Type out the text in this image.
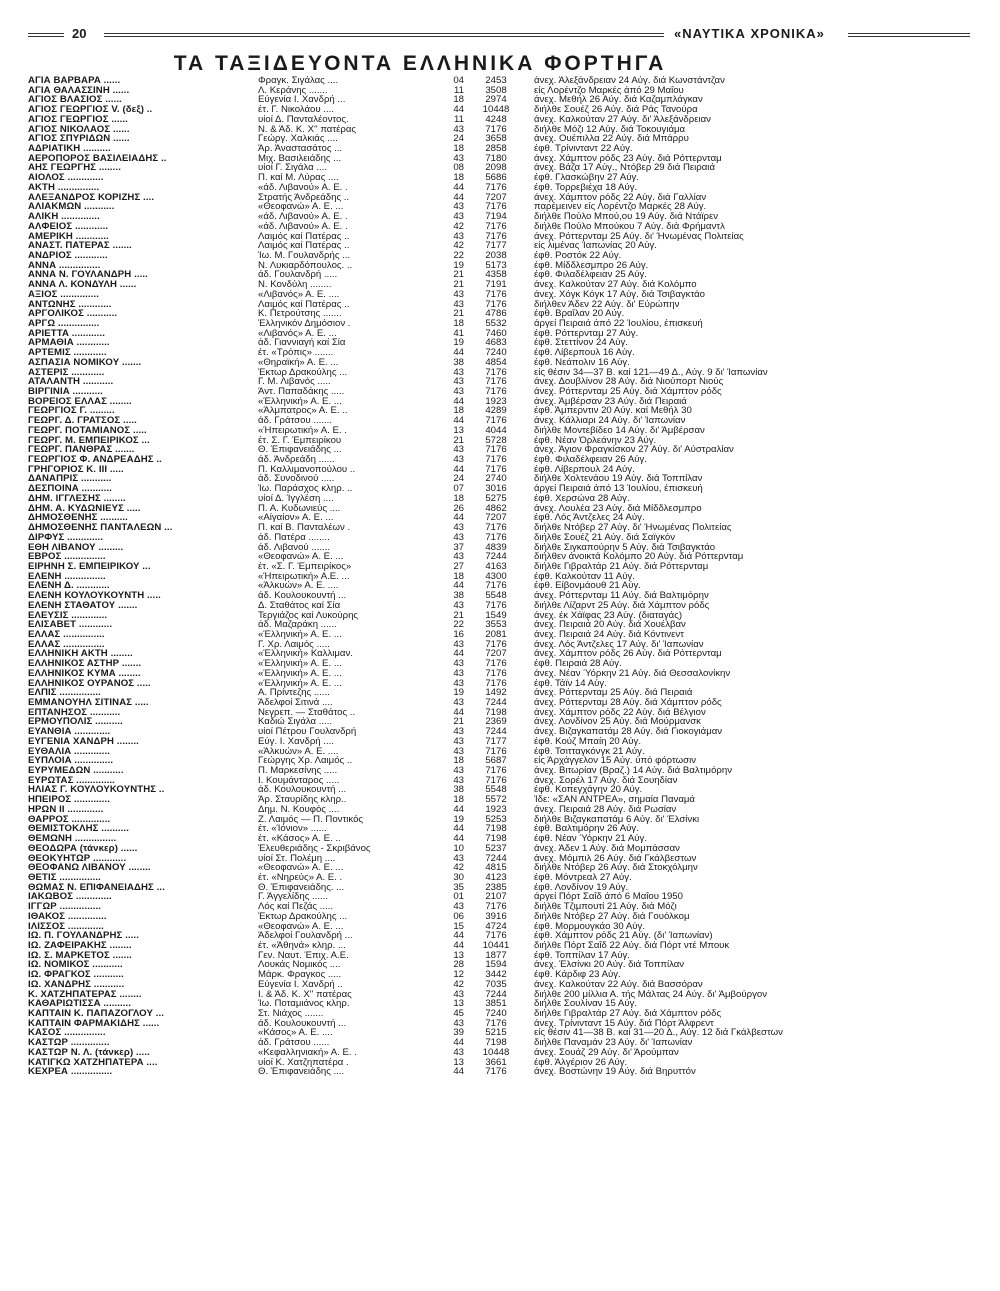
20	«ΝΑΥΤΙΚΑ ΧΡΟΝΙΚΑ»
ΤΑ ΤΑΞΙΔΕΥΟΝΤΑ ΕΛΛΗΝΙΚΑ ΦΟΡΤΗΓΑ
ΑΓΙΑ ΒΑΡΒΑΡΑ ......	Φραγκ. Σιγάλας ....	04	2453	άνεχ. Άλεξάνδρειαν 24 Αύγ. διά Κωνστάντζαν
ΑΓΙΑ ΘΑΛΑΣΣΙΝΗ ......	Λ. Κεράνης .......	11	3508	είς Λορέντζο Μαρκές άπό 29 Μαΐου
ΑΓΙΟΣ ΒΛΑΣΙΟΣ ......	Εύγενία Ι. Χανδρή ...	18	2974	άνεχ. Μεθήλ 26 Αύγ. διά Καζαμπλάγκαν
ΑΓΙΟΣ ΓΕΩΡΓΙΟΣ V. (δεξ) ..	έτ. Γ. Νικολάου ....	44	10448	διήλθε Σουέζ 26 Αύγ. διά Ράς Τανούρα
ΑΓΙΟΣ ΓΕΩΡΓΙΟΣ ......	υίοί Δ. Πανταλέοντος.	11	4248	άνεχ. Καλκούταν 27 Αύγ. δι' Άλεξάνδρειαν
ΑΓΙΟΣ ΝΙΚΟΛΑΟΣ ......	Ν. & Άδ. Κ. Χ'' πατέρας	43	7176	διήλθε Μόζι 12 Αύγ. διά Τοκουγιάμα
ΑΓΙΟΣ ΣΠΥΡΙΔΩΝ ......	Γεώργ. Χαλκιάς ....	24	3658	άνεχ. Ουέπιλλα 22 Αύγ. διά Μπάρρυ
ΑΔΡΙΑΤΙΚΗ ..........	Άρ. Άναστασάτος ...	18	2858	έφθ. Τρίνινταντ 22 Αύγ.
ΑΕΡΟΠΟΡΟΣ ΒΑΣΙΛΕΙΑΔΗΣ ..	Μιχ. Βασιλειάδης ...	43	7180	άνεχ. Χάμπτον ρόδς 23 Αύγ. διά Ρόττερνταμ
ΑΗΣ ΓΕΩΡΓΗΣ ........	υίοί Γ. Σιγάλα ....	08	2098	άνεχ. Βάζα 17 Αύγ., Ντόβερ 29 διά Πειραιά
ΑΙΟΛΟΣ .............	Π. καί Μ. Λύρας ....	18	5686	έφθ. Γλασκώβην 27 Αύγ.
ΑΚΤΗ ...............	«άδ. Λιβανού» Α. Ε. .	44	7176	έφθ. Τορρεβιέχα 18 Αύγ.
ΑΛΕΞΑΝΔΡΟΣ ΚΟΡΙΖΗΣ ....	Στρατής Άνδρεάδης ..	44	7207	άνεχ. Χάμπτον ρόδς 22 Αύγ. διά Γαλλίαν
ΑΛΙΑΚΜΩΝ ...........	«Θεοφανώ» Α. Ε. ...	43	7176	παρέμεινεν είς Λορέντζο Μαρκές 28 Αύγ.
ΑΛΙΚΗ ..............	«άδ. Λιβανού» Α. Ε. .	43	7194	διήλθε Πούλο Μπού,ου 19 Αύγ. διά Ντάϊρεν
ΑΛΦΕΙΟΣ ............	«άδ. Λιβανού» Α. Ε. .	42	7176	διήλθε Πούλο Μπούκου 7 Αύγ. διά Φρήμαντλ
ΑΜΕΡΙΚΗ ............	Λαιμός καί Πατέρας ..	43	7176	άνεχ. Ρόττερνταμ 25 Αύγ. δι' Ήνωμένας Πολιτείας
ΑΝΑΣΤ. ΠΑΤΕΡΑΣ .......	Λαιμός καί Πατέρας ..	42	7177	είς λιμένας Ίαπωνίας 20 Αύγ.
ΑΝΔΡΙΟΣ ............	Ίω. Μ. Γουλανδρής ...	22	2038	έφθ. Ροστόκ 22 Αύγ.
ΑΝΝΑ ...............	Ν. Λυκιαρδόπουλος. ..	19	5173	έφθ. Μίδδλεσμπρο 26 Αύγ.
ΑΝΝΑ Ν. ΓΟΥΛΑΝΔΡΗ .....	άδ. Γουλανδρή .....	21	4358	έφθ. Φιλαδέλφειαν 25 Αύγ.
ΑΝΝΑ Λ. ΚΟΝΔΥΛΗ ......	Ν. Κονδύλη ........	21	7191	άνεχ. Καλκούταν 27 Αύγ. διά Κολόμπο
ΑΞΙΟΣ ..............	«Λιβανός» Α. Ε. ....	43	7176	άνεχ. Χόγκ Κόγκ 17 Αύγ. διά Τσιβαγκτάο
ΑΝΤΩΝΗΣ ............	Λαιμός καί Πατέρας ..	43	7176	διήλθεν Άδεν 22 Αύγ. δι' Εύρώπην
ΑΡΓΟΛΙΚΟΣ ...........	Κ. Πετρούτσης .......	21	4786	έφθ. Βραΐλαν 20 Αύγ.
ΑΡΓΩ ...............	Έλληνικόν Δημόσιον .	18	5532	άργεί Πειραιά άπό 22 Ίουλίου, έπισκευή
ΑΡΙΕΤΤΑ ............	«Λιβανός» Α. Ε. ...	41	7460	έφθ. Ρόττερνταμ 27 Αύγ.
ΑΡΜΑΘΙΑ ............	άδ. Γιαννιαγή καί Σία	19	4683	έφθ. Στεττίνον 24 Αύγ.
ΑΡΤΕΜΙΣ ............	έτ. «Τρόπις» .......	44	7240	έφθ. Λίβερπουλ 16 Αύγ.
ΑΣΠΑΣΙΑ ΝΟΜΙΚΟΥ .......	«Θηραϊκή» Α. Ε. ...	38	4854	έφθ. Νεάπολιν 16 Αύγ.
ΑΣΤΕΡΙΣ ............	Έκτωρ Δρακούλης ...	43	7176	είς θέσιν 34—37 Β. καί 121—49 Δ., Αύγ. 9 δι' Ίαπωνίαν
ΑΤΑΛΑΝΤΗ ...........	Γ. Μ. Λιβανός .....	43	7176	άνεχ. Δουβλίνον 28 Αύγ. διά Νιούπορτ Νιούς
ΒΙΡΓΙΝΙΑ ...........	Άντ. Παπαδάκης .....	43	7176	άνεχ. Ρόττερνταμ 25 Αύγ. διά Χάμπτον ρόδς
ΒΟΡΕΙΟΣ ΕΛΛΑΣ ........	«Έλληνική» Α. Ε. ...	44	1923	άνεχ. Άμβέρσαν 23 Αύγ. διά Πειραιά
ΓΕΩΡΓΙΟΣ Γ. .........	«Άλμπατρος» Α. Ε. ..	18	4289	έφθ. Άμπερντιν 20 Αύγ. καί Μεθήλ 30
ΓΕΩΡΓ. Δ. ΓΡΑΤΣΟΣ .....	άδ. Γράτσου .......	44	7176	άνεχ. Κάλλιαρι 24 Αύγ. δι' Ίαπωνίαν
ΓΕΩΡΓ. ΠΟΤΑΜΙΑΝΟΣ .....	«Ήπειρωτική» Α. Ε. .	13	4044	διήλθε Μοντεβίδεο 14 Αύγ. δι' Άμβέρσαν
ΓΕΩΡΓ. Μ. ΕΜΠΕΙΡΙΚΟΣ ...	έτ. Σ. Γ. Έμπειρίκου	21	5728	έφθ. Νέαν Όρλεάνην 23 Αύγ.
ΓΕΩΡΓ. ΠΑΝΘΡΑΣ .......	Θ. Έπιφανειάδης ...	43	7176	άνεχ. Άγιον Φραγκίσκον 27 Αύγ. δι' Αύστραλίαν
ΓΕΩΡΓΙΟΣ Φ. ΑΝΔΡΕΑΔΗΣ ..	άδ. Άνδρεάδη ......	43	7176	έφθ. Φιλαδέλφειαν 26 Αύγ.
ΓΡΗΓΟΡΙΟΣ Κ. ΙΙΙ .....	Π. Καλλιμανοπούλου ..	44	7176	έφθ. Λίβερπουλ 24 Αύγ.
ΔΑΝΑΠΡΙΣ ...........	άδ. Συνοδινού .....	24	2740	διήλθε Χολτενάου 19 Αύγ. διά Τοππίλαν
ΔΕΣΠΟΙΝΑ ...........	Ίω. Παράσχος κληρ. ..	07	3016	άργεί Πειραιά άπό 13 Ίουλίου, έπισκευή
ΔΗΜ. ΙΓΓΛΕΣΗΣ ........	υίοί Δ. Ίγγλέση ....	18	5275	έφθ. Χερσώνα 28 Αύγ.
ΔΗΜ. Α. ΚΥΔΩΝΙΕΥΣ .....	Π. Α. Κυδωνιεύς ....	26	4862	άνεχ. Λουλέα 23 Αύγ. διά Μίδδλεσμπρο
ΔΗΜΟΣΘΕΝΗΣ ..........	«Αίγαίον» Α. Ε. ...	44	7207	έφθ. Λός Άντζελες 24 Αύγ.
ΔΗΜΟΣΘΕΝΗΣ ΠΑΝΤΑΛΕΩΝ ...	Π. καί Β. Πανταλέων .	43	7176	διήλθε Ντόβερ 27 Αύγ. δι' Ήνωμένας Πολιτείας
ΔΙΡΦΥΣ .............	άδ. Πατέρα ........	43	7176	διήλθε Σουέζ 21 Αύγ. διά Σαϊγκόν
ΕΘΗ ΛΙΒΑΝΟΥ .........	άδ. Λιβανού .......	37	4839	διήλθε Σιγκαπούρην 5 Αύγ. διά Τσιβαγκτάο
ΕΒΡΟΣ ...............	«Θεοφανώ» Α. Ε. ...	43	7244	διήλθεν άνοικτά Κολόμπο 20 Αύγ. διά Ρόττερνταμ
ΕΙΡΗΝΗ Σ. ΕΜΠΕΙΡΙΚΟΥ ...	έτ. «Σ. Γ. Έμπειρίκος»	27	4163	διήλθε Γιβραλτάρ 21 Αύγ. διά Ρόττερνταμ
ΕΛΕΝΗ ...............	«Ήπειρωτική» Α.Ε. ...	18	4300	έφθ. Καλκούταν 11 Αύγ.
ΕΛΕΝΗ Δ. ............	«Άλκυών» Α. Ε. ....	44	7176	έφθ. Είβονμάουθ 21 Αύγ.
ΕΛΕΝΗ ΚΟΥΛΟΥΚΟΥΝΤΗ .....	άδ. Κουλουκουντή ...	38	5548	άνεχ. Ρόττερνταμ 11 Αύγ. διά Βαλτιμόρην
ΕΛΕΝΗ ΣΤΑΘΑΤΟΥ .......	Δ. Σταθάτος καί Σία	43	7176	διήλθε Λίζαρντ 25 Αύγ. διά Χάμπτον ρόδς
ΕΛΕΥΣΙΣ .............	Τεργιάζος καί Λυκούρης	21	1549	άνεχ. έκ Χάϊφας 23 Αύγ. (διαταγάς)
ΕΛΙΣΑΒΕΤ ............	άδ. Μαζαράκη ......	22	3553	άνεχ. Πειραιά 20 Αύγ. διά Χουέλβαν
ΕΛΛΑΣ ...............	«Έλληνική» Α. Ε. ...	16	2081	άνεχ. Πειραιά 24 Αύγ. διά Κόντινεντ
ΕΛΛΑΣ ...............	Γ. Χρ. Λαιμός .....	43	7176	άνεχ. Λός Άντζελες 17 Αύγ. δι' Ίαπωνίαν
ΕΛΛΗΝΙΚΗ ΑΚΤΗ ........	«Έλληνική» Καλλιμαν.	44	7207	άνεχ. Χάμπτον ρόδς 26 Αύγ. διά Ρόττερνταμ
ΕΛΛΗΝΙΚΟΣ ΑΣΤΗΡ .......	«Έλληνική» Α. Ε. ...	43	7176	έφθ. Πειραιά 28 Αύγ.
ΕΛΛΗΝΙΚΟΣ ΚΥΜΑ ........	«Έλληνική» Α. Ε. ...	43	7176	άνεχ. Νέαν Ύόρκην 21 Αύγ. διά Θεσσαλονίκην
ΕΛΛΗΝΙΚΟΣ ΟΥΡΑΝΟΣ .....	«Έλληνική» Α. Ε. ...	43	7176	έφθ. Τάϊν 14 Αύγ.
ΕΛΠΙΣ ...............	Α. Πρίντεζης ......	19	1492	άνεχ. Ρόττερνταμ 25 Αύγ. διά Πειραιά
ΕΜΜΑΝΟΥΗΛ ΣΙΤΙΝΑΣ .....	Άδελφοί Σιτινά ....	43	7244	άνεχ. Ρόττερνταμ 28 Αύγ. διά Χάμπτον ρόδς
ΕΠΤΑΝΗΣΟΣ ...........	Νεγρεπ. — Σταθάτος ..	44	7198	άνεχ. Χάμπτον ρόδς 22 Αύγ. διά Βέλγιον
ΕΡΜΟΥΠΟΛΙΣ ..........	Καδιώ Σιγάλα .....	21	2369	άνεχ. Λονδίνον 25 Αύγ. διά Μούρμανσκ
ΕΥΑΝΘΙΑ .............	υίοί Πέτρου Γουλανδρή	43	7244	άνεχ. Βιζαγκαπατάμ 28 Αύγ. διά Γιοκογιάμαν
ΕΥΓΕΝΙΑ ΧΑΝΔΡΗ ........	Εύγ. Ι. Χανδρή ....	43	7177	έφθ. Κούζ Μπαίη 20 Αύγ.
ΕΥΘΑΛΙΑ .............	«Άλκυών» Α. Ε. ....	43	7176	έφθ. Τσιτταγκόνγκ 21 Αύγ.
ΕΥΠΛΟΙΑ ..............	Γεώργης Χρ. Λαιμός ..	18	5687	είς Άρχάγγελον 15 Αύγ. ύπό φόρτωσιν
ΕΥΡΥΜΕΔΩΝ ...........	Π. Μαρκεσίνης .....	43	7176	άνεχ. Βιτωρίαν (Βραζ.) 14 Αύγ. διά Βαλτιμόρην
ΕΥΡΩΤΑΣ ..............	Ι. Κουμάνταρος .....	43	7176	άνεχ. Σορέλ 17 Αύγ. διά Σουηδίαν
ΗΛΙΑΣ Γ. ΚΟΥΛΟΥΚΟΥΝΤΗΣ ..	άδ. Κουλουκουντή ...	38	5548	έφθ. Κοπεγχάγην 20 Αύγ.
ΗΠΕΙΡΟΣ .............	Άρ. Σταυρίδης κληρ..	18	5572	Ίδε: «ΣΑΝ ΑΝΤΡΕΑ», σημαία Παναμά
ΗΡΩΝ ΙΙ .............	Δημ. Ν. Κουφός ....	44	1923	άνεχ. Πειραιά 28 Αύγ. διά Ρωσίαν
ΘΑΡΡΟΣ ..............	Ζ. Λαιμός — Π. Ποντικός	19	5253	διήλθε Βιζαγκαπατάμ 6 Αύγ. δι' Έλσίνκι
ΘΕΜΙΣΤΟΚΛΗΣ ..........	έτ. «Ίόνιον» ......	44	7198	έφθ. Βαλτιμόρην 26 Αύγ.
ΘΕΜΩΝΗ ...............	έτ. «Κάσος» Α. Ε. ..	44	7198	έφθ. Νέαν Ύόρκην 21 Αύγ.
ΘΕΟΔΩΡΑ (τάνκερ) ......	Έλευθεριάδης - Σκριβάνος	10	5237	άνεχ. Άδεν 1 Αύγ. διά Μομπάσσαν
ΘΕΟΚΥΗΤΩΡ ............	υίοί Στ. Πολέμη ....	43	7244	άνεχ. Μόμπιλ 26 Αύγ. διά Γκάλβεστων
ΘΕΟΦΑΝΩ ΛΙΒΑΝΟΥ ........	«Θεοφανώ» Α. Ε. ...	42	4815	διήλθε Ντόβερ 26 Αύγ. διά Στοκχόλμην
ΘΕΤΙΣ ...............	έτ. «Νηρεύς» Α. Ε. .	30	4123	έφθ. Μόντρεαλ 27 Αύγ.
ΘΩΜΑΣ Ν. ΕΠΙΦΑΝΕΙΑΔΗΣ ...	Θ. Έπιφανειάδης. ...	35	2385	έφθ. Λονδίνον 19 Αύγ.
ΙΑΚΩΒΟΣ .............	Γ. Άγγελίδης ......	01	2107	άργεί Πόρτ Σαΐδ άπό 6 Μαΐου 1950
ΙΓΓΩΡ ...............	Λός καί Πεζάς .....	43	7176	διήλθε Τζιμπουτί 21 Αύγ. διά Μόζι
ΙΘΑΚΟΣ ..............	Έκτωρ Δρακούλης ...	06	3916	διήλθε Ντόβερ 27 Αύγ. διά Γουόλκομ
ΙΛΙΣΣΟΣ .............	«Θεοφανώ» Α. Ε. ...	15	4724	έφθ. Μορμουγκάο 30 Αύγ.
ΙΩ. Π. ΓΟΥΛΑΝΔΡΗΣ .....	Άδελφοί Γουλανδρή ...	44	7176	έφθ. Χάμπτον ρόδς 21 Αύγ. (δι' Ίαπωνίαν)
ΙΩ. ΖΑΦΕΙΡΑΚΗΣ ........	έτ. «Άθηνά» κληρ. ...	44	10441	διήλθε Πόρτ Σαΐδ 22 Αύγ. διά Πόρτ ντέ Μπουκ
ΙΩ. Σ. ΜΑΡΚΕΤΟΣ .......	Γεν. Ναυτ. Έπιχ. Α.Ε.	13	1877	έφθ. Τοππίλαν 17 Αύγ.
ΙΩ. ΝΟΜΙΚΟΣ ...........	Λουκάς Νομικός ....	28	1594	άνεχ. Έλσίνκι 20 Αύγ. διά Τοππίλαν
ΙΩ. ΦΡΑΓΚΟΣ ...........	Μάρκ. Φραγκος .....	12	3442	έφθ. Κάρδιφ 23 Αύγ.
ΙΩ. ΧΑΝΔΡΗΣ ...........	Εύγενία Ι. Χανδρή ..	42	7035	άνεχ. Καλκούταν 22 Αύγ. διά Βασσόραν
Κ. ΧΑΤΖΗΠΑΤΕΡΑΣ ........	Ι. & Άδ. Κ. Χ'' πατέρας	43	7244	διήλθε 200 μίλλια Α. τής Μάλτας 24 Αύγ. δι' Άμβούργον
ΚΑΘΑΡΙΩΤΙΣΣΑ ..........	Ίω. Ποταμιάνος κληρ.	13	3851	διήλθε Σουλίναν 15 Αύγ.
ΚΑΠΤΑΙΝ Κ. ΠΑΠΑΖΟΓΛΟΥ ...	Στ. Νιάχος .......	45	7240	διήλθε Γιβραλτάρ 27 Αύγ. διά Χάμπτον ρόδς
ΚΑΠΤΑΙΝ ΦΑΡΜΑΚΙΔΗΣ ......	άδ. Κουλουκουντή ...	43	7176	άνεχ. Τρίνινταντ 15 Αύγ. διά Πόρτ Άλφρεντ
ΚΑΣΟΣ ...............	«Κάσος» Α. Ε. ....	39	5215	είς θέσιν 41—38 Β. καί 31—20 Δ., Αύγ. 12 διά Γκάλβεστων
ΚΑΣΤΩΡ ..............	άδ. Γράτσου ......	44	7198	διήλθε Παναμάν 23 Αύγ. δι' Ίαπωνίαν
ΚΑΣΤΩΡ Ν. Λ. (τάνκερ) .....	«Κεφαλληνιακή» Α. Ε. .	43	10448	άνεχ. Σουάζ 29 Αύγ. δι' Άρούμπαν
ΚΑΤΙΓΚΩ ΧΑΤΖΗΠΑΤΕΡΑ ....	υίοί Κ. Χατζηπατέρα .	13	3661	έφθ. Άλγέριον 26 Αύγ.
ΚΕΧΡΕΑ ...............	Θ. Έπιφανειάδης ....	44	7176	άνεχ. Βοστώνην 19 Αύγ. διά Βηρυττόν
